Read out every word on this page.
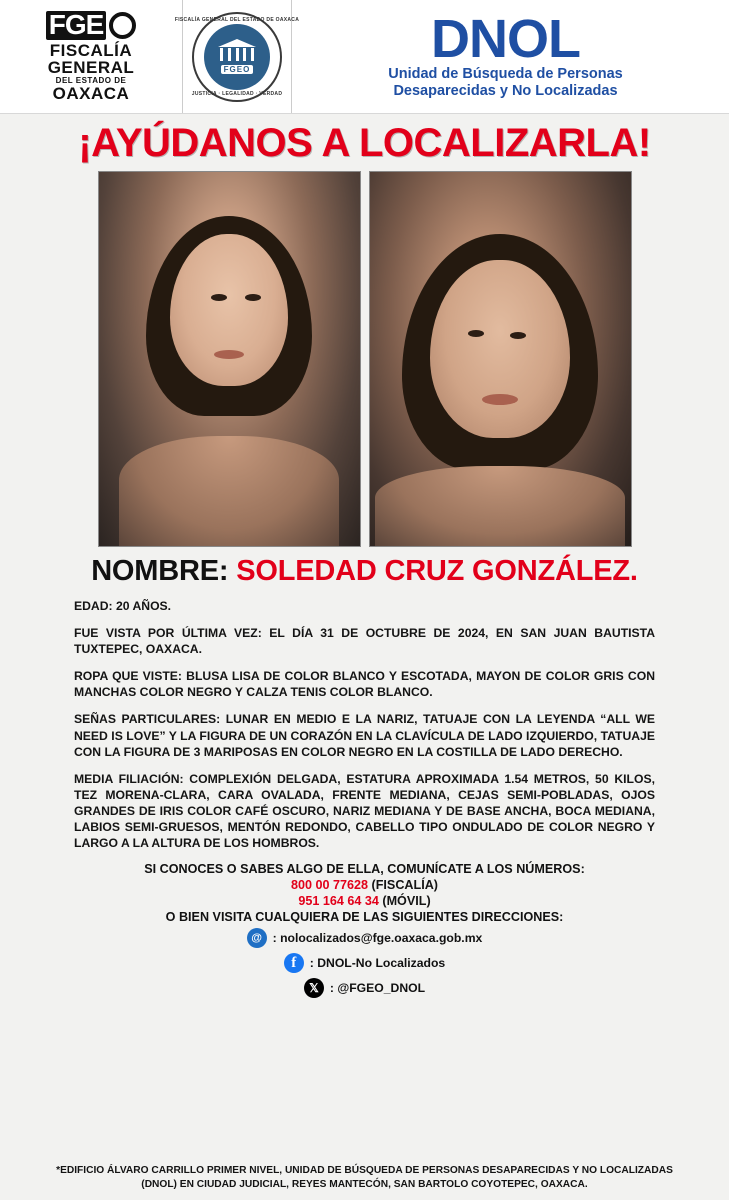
FGE
FISCALÍA
GENERAL
DEL ESTADO DE
OAXACA
FISCALÍA GENERAL DEL ESTADO DE OAXACA
FGEO
JUSTICIA · LEGALIDAD · VERDAD
DNOL
Unidad de Búsqueda de Personas
Desaparecidas y No Localizadas
¡AYÚDANOS A LOCALIZARLA!
NOMBRE: SOLEDAD CRUZ GONZÁLEZ.
EDAD: 20 AÑOS.
FUE VISTA POR ÚLTIMA VEZ: EL DÍA 31 DE OCTUBRE DE 2024, EN SAN JUAN BAUTISTA TUXTEPEC, OAXACA.
ROPA QUE VISTE: BLUSA LISA DE COLOR BLANCO Y ESCOTADA, MAYON DE COLOR GRIS CON MANCHAS COLOR NEGRO Y CALZA TENIS COLOR BLANCO.
SEÑAS PARTICULARES: LUNAR EN MEDIO E LA NARIZ, TATUAJE CON LA LEYENDA “ALL WE NEED IS LOVE” Y LA FIGURA DE UN CORAZÓN EN LA CLAVÍCULA DE LADO IZQUIERDO, TATUAJE CON LA FIGURA DE 3 MARIPOSAS EN COLOR NEGRO EN LA COSTILLA DE LADO DERECHO.
MEDIA FILIACIÓN: COMPLEXIÓN DELGADA, ESTATURA APROXIMADA 1.54 METROS, 50 KILOS, TEZ MORENA-CLARA, CARA OVALADA, FRENTE MEDIANA, CEJAS SEMI-POBLADAS, OJOS GRANDES DE IRIS COLOR CAFÉ OSCURO, NARIZ MEDIANA Y DE BASE ANCHA, BOCA MEDIANA, LABIOS SEMI-GRUESOS, MENTÓN REDONDO, CABELLO TIPO ONDULADO DE COLOR NEGRO Y LARGO A LA ALTURA DE LOS HOMBROS.
SI CONOCES O SABES ALGO DE ELLA, COMUNÍCATE A LOS NÚMEROS:
800 00 77628 (FISCALÍA)
951 164 64 34 (MÓVIL)
O BIEN VISITA CUALQUIERA DE LAS SIGUIENTES DIRECCIONES:
@ : nolocalizados@fge.oaxaca.gob.mx
f	: DNOL-No Localizados
𝕏 : @FGEO_DNOL
*EDIFICIO ÁLVARO CARRILLO PRIMER NIVEL, UNIDAD DE BÚSQUEDA DE PERSONAS DESAPARECIDAS Y NO LOCALIZADAS
(DNOL) EN CIUDAD JUDICIAL, REYES MANTECÓN, SAN BARTOLO COYOTEPEC, OAXACA.
